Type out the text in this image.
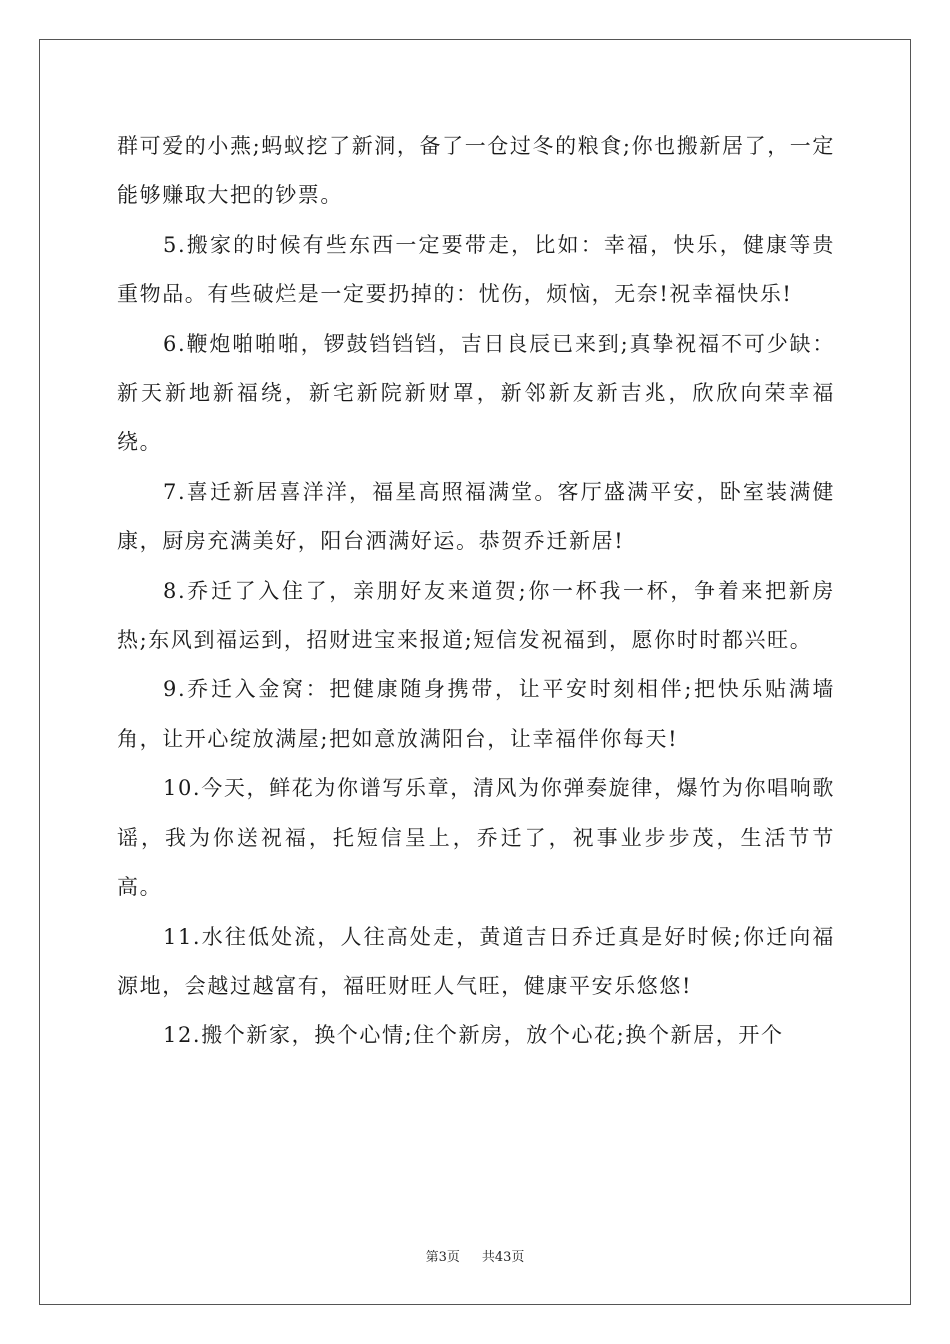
群可爱的小燕;蚂蚁挖了新洞，备了一仓过冬的粮食;你也搬新居了，一定能够赚取大把的钞票。

5.搬家的时候有些东西一定要带走，比如：幸福，快乐，健康等贵重物品。有些破烂是一定要扔掉的：忧伤，烦恼，无奈!祝幸福快乐!

6.鞭炮啪啪啪，锣鼓铛铛铛，吉日良辰已来到;真挚祝福不可少缺：新天新地新福绕，新宅新院新财罩，新邻新友新吉兆，欣欣向荣幸福绕。

7.喜迁新居喜洋洋，福星高照福满堂。客厅盛满平安，卧室装满健康，厨房充满美好，阳台洒满好运。恭贺乔迁新居!

8.乔迁了入住了，亲朋好友来道贺;你一杯我一杯，争着来把新房热;东风到福运到，招财进宝来报道;短信发祝福到，愿你时时都兴旺。

9.乔迁入金窝：把健康随身携带，让平安时刻相伴;把快乐贴满墙角，让开心绽放满屋;把如意放满阳台，让幸福伴你每天!

10.今天，鲜花为你谱写乐章，清风为你弹奏旋律，爆竹为你唱响歌谣，我为你送祝福，托短信呈上，乔迁了，祝事业步步茂，生活节节高。

11.水往低处流，人往高处走，黄道吉日乔迁真是好时候;你迁向福源地，会越过越富有，福旺财旺人气旺，健康平安乐悠悠!

12.搬个新家，换个心情;住个新房，放个心花;换个新居，开个

第3页 共43页
